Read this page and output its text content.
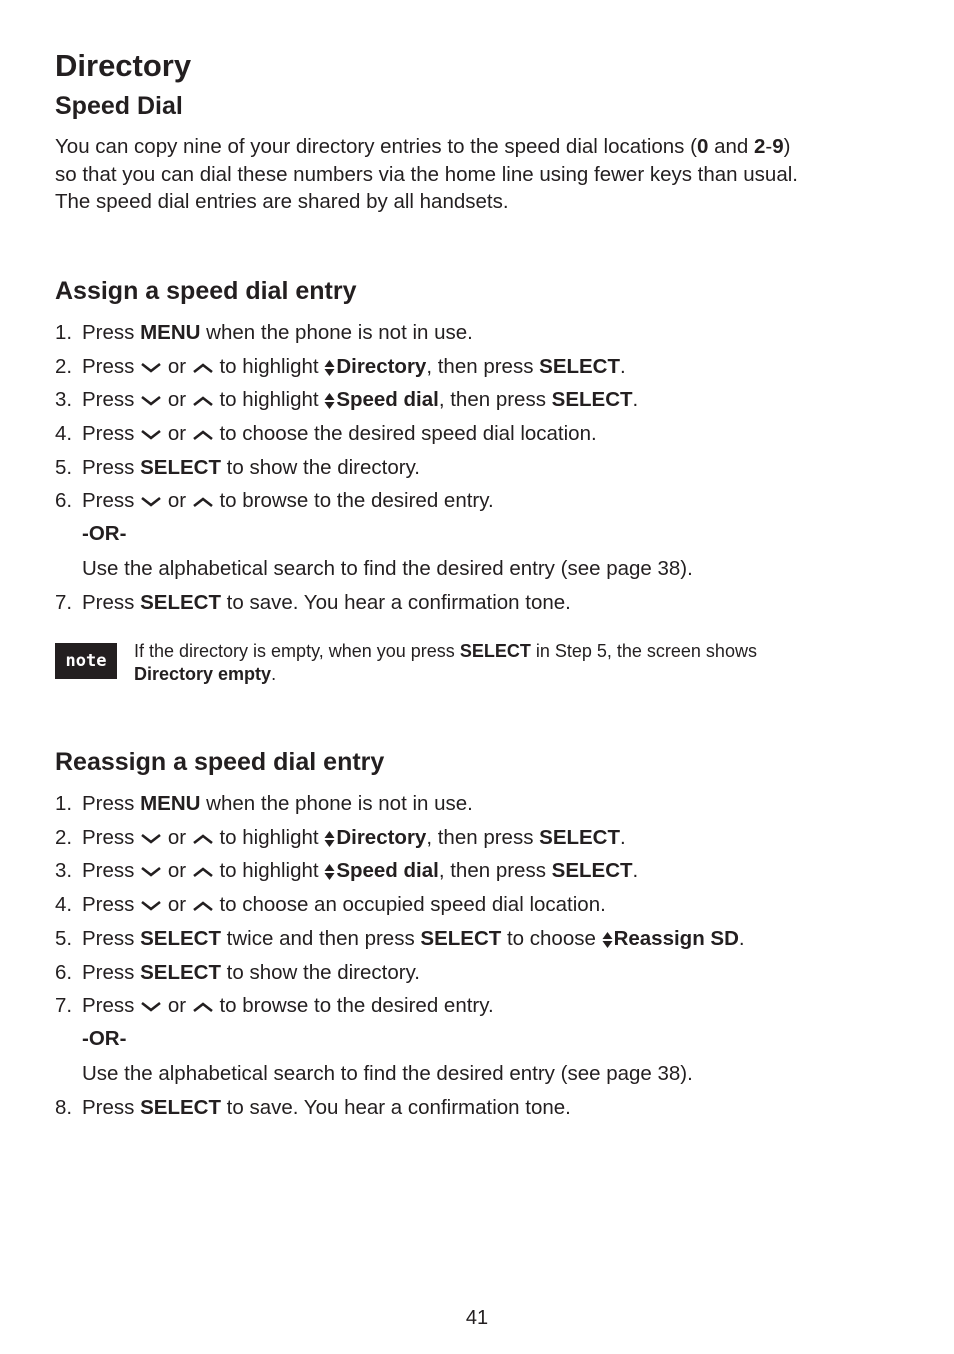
Directory
Speed Dial
You can copy nine of your directory entries to the speed dial locations (0 and 2-9)
so that you can dial these numbers via the home line using fewer keys than usual.
The speed dial entries are shared by all handsets.
Assign a speed dial entry
1. Press MENU when the phone is not in use.
2. Press or  to highlight Directory, then press SELECT.
3. Press or  to highlight Speed dial, then press SELECT.
4. Press or  to choose the desired speed dial location.
5. Press SELECT to show the directory.
6. Press or  to browse to the desired entry.
-OR-
Use the alphabetical search to find the desired entry (see page 38).
7. Press SELECT to save. You hear a confirmation tone.
note	If the directory is empty, when you press SELECT in Step 5, the screen shows
Directory empty.
Reassign a speed dial entry
1. Press MENU when the phone is not in use.
2. Press or  to highlight Directory, then press SELECT.
3. Press or  to highlight Speed dial, then press SELECT.
4. Press or  to choose an occupied speed dial location.
5. Press SELECT twice and then press SELECT to choose Reassign SD.
6. Press SELECT to show the directory.
7. Press or  to browse to the desired entry.
-OR-
Use the alphabetical search to find the desired entry (see page 38).
8. Press SELECT to save. You hear a confirmation tone.
41
